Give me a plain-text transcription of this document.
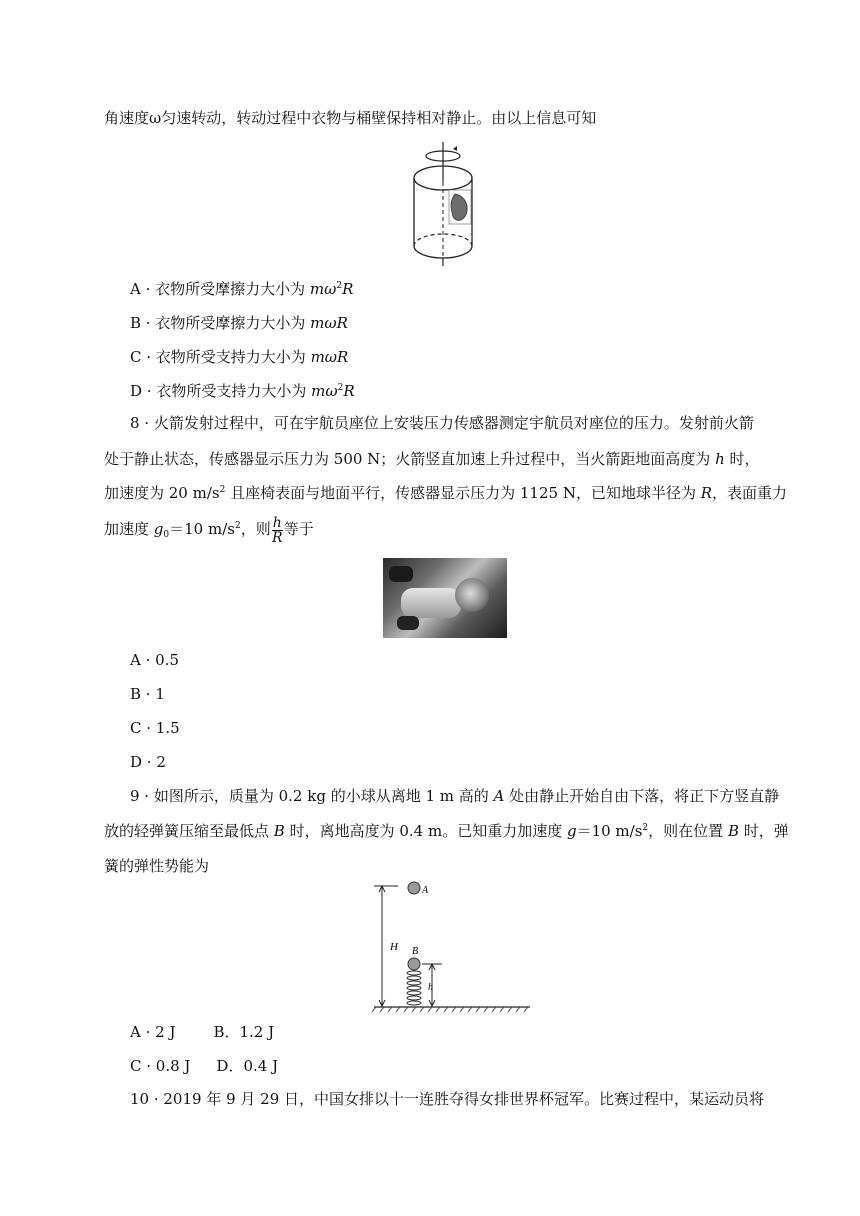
角速度ω匀速转动，转动过程中衣物与桶壁保持相对静止。由以上信息可知
A · 衣物所受摩擦力大小为 $m\omega^2R$
B · 衣物所受摩擦力大小为 mωR
C · 衣物所受支持力大小为 mωR
D · 衣物所受支持力大小为 $m\omega^2R$
8 · 火箭发射过程中，可在宇航员座位上安装压力传感器测定宇航员对座位的压力。发射前火箭
处于静止状态，传感器显示压力为 500 N；火箭竖直加速上升过程中，当火箭距地面高度为 h 时，
加速度为 20 $m/s^2$ 且座椅表面与地面平行，传感器显示压力为 1125 N，已知地球半径为 R，表面重力
加速度 $g_0=10$ $m/s^2$，则 $\frac{h}{R}$ 等于
A · 0.5
B · 1
C · 1.5
D · 2
9 · 如图所示，质量为 0.2 kg 的小球从离地 1 m 高的 A 处由静止开始自由下落，将正下方竖直静
放的轻弹簧压缩至最低点 B 时，离地高度为 0.4 m。已知重力加速度 g＝10 $m/s^2$，则在位置 B 时，弹
簧的弹性势能为
H
A
B
h
A · 2 J	B．1.2 J
C · 0.8 J D．0.4 J
10 · 2019 年 9 月 29 日，中国女排以十一连胜夺得女排世界杯冠军。比赛过程中，某运动员将
